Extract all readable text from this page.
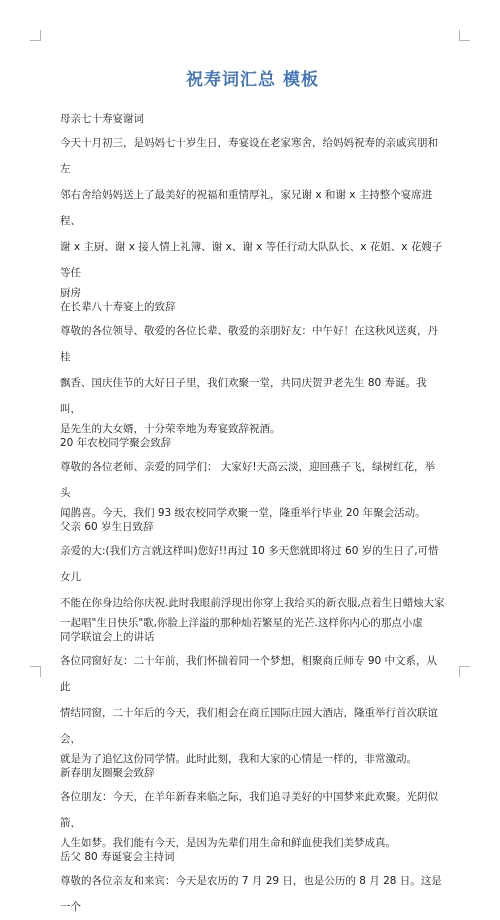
祝寿词汇总 模板
母亲七十寿宴谢词

今天十月初三，是妈妈七十岁生日，寿宴设在老家寒舍，给妈妈祝寿的亲戚宾朋和左

邻右舍给妈妈送上了最美好的祝福和重情厚礼，家兄谢 x 和谢 x 主持整个宴席进程、

谢 x 主厨、谢 x 接人情上礼簿、谢 x、谢 x 等任行动大队队长、x 花姐、x 花嫂子等任

厨房
在长辈八十寿宴上的致辞

尊敬的各位领导、敬爱的各位长辈、敬爱的亲朋好友：中午好！在这秋风送爽，丹桂

飘香、国庆佳节的大好日子里，我们欢聚一堂，共同庆贺尹老先生 80 寿诞。我叫，

是先生的大女婿，十分荣幸地为寿宴致辞祝酒。
20 年农校同学聚会致辞

尊敬的各位老师、亲爱的同学们： 大家好!天高云淡，迎回燕子飞，绿树红花，举头

闻鹊喜。今天，我们 93 级农校同学欢聚一堂，隆重举行毕业 20 年聚会活动。
父亲 60 岁生日致辞

亲爱的大:(我们方言就这样叫)您好!!再过 10 多天您就即将过 60 岁的生日了,可惜女儿

不能在你身边给你庆祝.此时我眼前浮现出你穿上我给买的新衣服,点着生日蜡烛大家

一起唱"生日快乐"歌,你脸上洋溢的那种灿若繁星的光芒.这样你内心的那点小虚
同学联谊会上的讲话

各位同窗好友：二十年前，我们怀揣着同一个梦想，相聚商丘师专 90 中文系，从此

情结同窗，二十年后的今天，我们相会在商丘国际庄园大酒店，隆重举行首次联谊会，

就是为了追忆这份同学情。此时此刻，我和大家的心情是一样的，非常激动。
新春朋友圈聚会致辞

各位朋友：今天，在羊年新春来临之际，我们追寻美好的中国梦来此欢聚。光阴似箭，

人生如梦。我们能有今天，是因为先辈们用生命和鲜血使我们美梦成真。
岳父 80 寿诞宴会主持词

尊敬的各位亲友和来宾：今天是农历的 7 月 29 日，也是公历的 8 月 28 日。这是一个
